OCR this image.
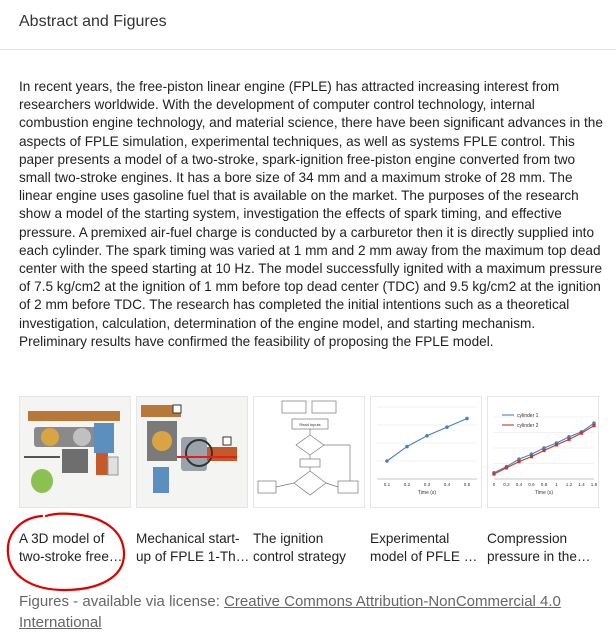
Abstract and Figures

In recent years, the free-piston linear engine (FPLE) has attracted increasing interest from researchers worldwide. With the development of computer control technology, internal combustion engine technology, and material science, there have been significant advances in the aspects of FPLE simulation, experimental techniques, as well as systems FPLE control. This paper presents a model of a two-stroke, spark-ignition free-piston engine converted from two small two-stroke engines. It has a bore size of 34 mm and a maximum stroke of 28 mm. The linear engine uses gasoline fuel that is available on the market. The purposes of the research show a model of the starting system, investigation the effects of spark timing, and effective pressure. A premixed air-fuel charge is conducted by a carburetor then it is directly supplied into each cylinder. The spark timing was varied at 1 mm and 2 mm away from the maximum top dead center with the speed starting at 10 Hz. The model successfully ignited with a maximum pressure of 7.5 kg/cm2 at the ignition of 1 mm before top dead center (TDC) and 9.5 kg/cm2 at the ignition of 2 mm before TDC. The research has completed the initial intentions such as a theoretical investigation, calculation, determination of the engine model, and starting mechanism. Preliminary results have confirmed the feasibility of proposing the FPLE model.

A 3D model of
two-stroke free…
Mechanical start-
up of FPLE 1-Th…
Read inputs
The ignition
control strategy
0.1	0.2	0.3	0.4	0.5
Time (s)
Experimental
model of PFLE …
0 0.2 0.4 0.6 0.8 1 1.2 1.4 1.6
Time (s)
cylinder 1
cylinder 2
Compression
pressure in the…
Figures - available via license: Creative Commons Attribution-NonCommercial 4.0 International
